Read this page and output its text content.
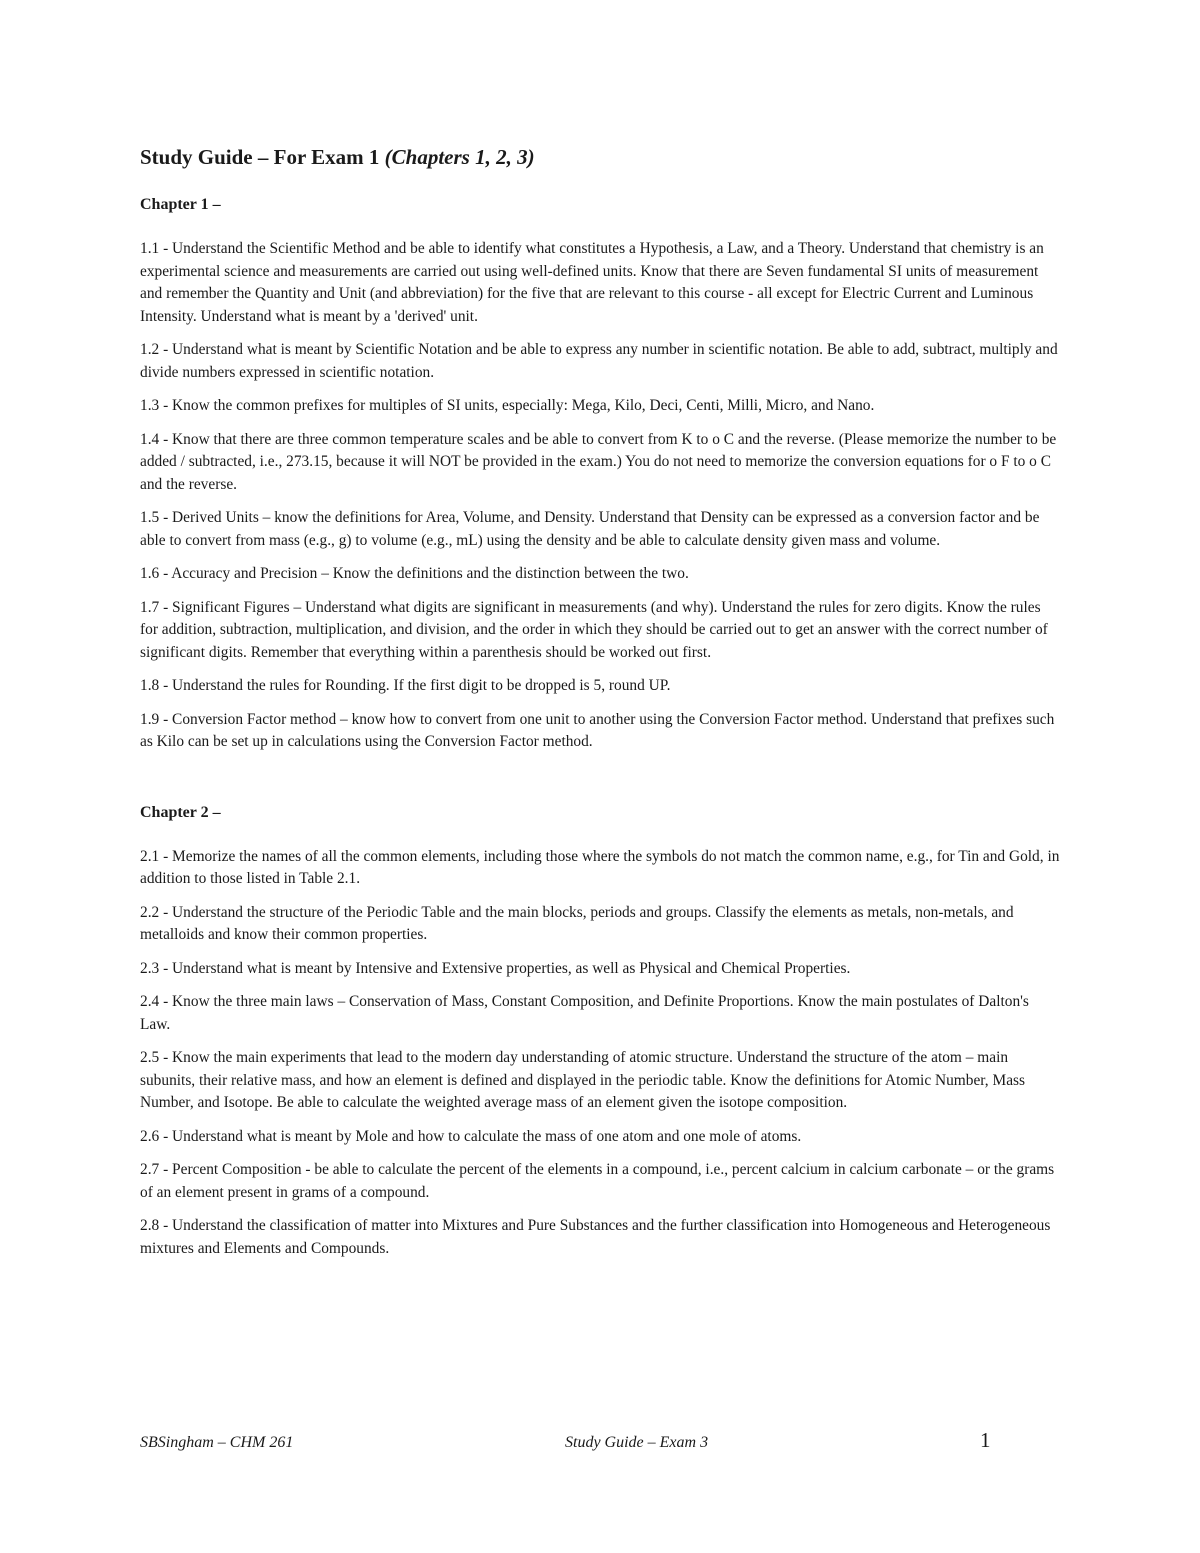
Study Guide – For Exam 1 (Chapters 1, 2, 3)
Chapter 1 –

1.1 - Understand the Scientific Method and be able to identify what constitutes a Hypothesis, a Law, and a Theory. Understand that chemistry is an experimental science and measurements are carried out using well-defined units. Know that there are Seven fundamental SI units of measurement and remember the Quantity and Unit (and abbreviation) for the five that are relevant to this course - all except for Electric Current and Luminous Intensity. Understand what is meant by a 'derived' unit.

1.2 - Understand what is meant by Scientific Notation and be able to express any number in scientific notation. Be able to add, subtract, multiply and divide numbers expressed in scientific notation.

1.3 - Know the common prefixes for multiples of SI units, especially: Mega, Kilo, Deci, Centi, Milli, Micro, and Nano.

1.4 - Know that there are three common temperature scales and be able to convert from K to o C and the reverse. (Please memorize the number to be added / subtracted, i.e., 273.15, because it will NOT be provided in the exam.) You do not need to memorize the conversion equations for o F to o C and the reverse.

1.5 - Derived Units – know the definitions for Area, Volume, and Density. Understand that Density can be expressed as a conversion factor and be able to convert from mass (e.g., g) to volume (e.g., mL) using the density and be able to calculate density given mass and volume.

1.6 - Accuracy and Precision – Know the definitions and the distinction between the two.

1.7 - Significant Figures – Understand what digits are significant in measurements (and why). Understand the rules for zero digits. Know the rules for addition, subtraction, multiplication, and division, and the order in which they should be carried out to get an answer with the correct number of significant digits. Remember that everything within a parenthesis should be worked out first.

1.8 - Understand the rules for Rounding. If the first digit to be dropped is 5, round UP.

1.9 - Conversion Factor method – know how to convert from one unit to another using the Conversion Factor method. Understand that prefixes such as Kilo can be set up in calculations using the Conversion Factor method.

Chapter 2 –

2.1 - Memorize the names of all the common elements, including those where the symbols do not match the common name, e.g., for Tin and Gold, in addition to those listed in Table 2.1.

2.2 - Understand the structure of the Periodic Table and the main blocks, periods and groups. Classify the elements as metals, non-metals, and metalloids and know their common properties.

2.3 - Understand what is meant by Intensive and Extensive properties, as well as Physical and Chemical Properties.

2.4 - Know the three main laws – Conservation of Mass, Constant Composition, and Definite Proportions. Know the main postulates of Dalton's Law.

2.5 - Know the main experiments that lead to the modern day understanding of atomic structure. Understand the structure of the atom – main subunits, their relative mass, and how an element is defined and displayed in the periodic table. Know the definitions for Atomic Number, Mass Number, and Isotope. Be able to calculate the weighted average mass of an element given the isotope composition.

2.6 - Understand what is meant by Mole and how to calculate the mass of one atom and one mole of atoms.

2.7 - Percent Composition - be able to calculate the percent of the elements in a compound, i.e., percent calcium in calcium carbonate – or the grams of an element present in grams of a compound.

2.8 - Understand the classification of matter into Mixtures and Pure Substances and the further classification into Homogeneous and Heterogeneous mixtures and Elements and Compounds.

SBSingham – CHM 261	Study Guide – Exam 3	1
